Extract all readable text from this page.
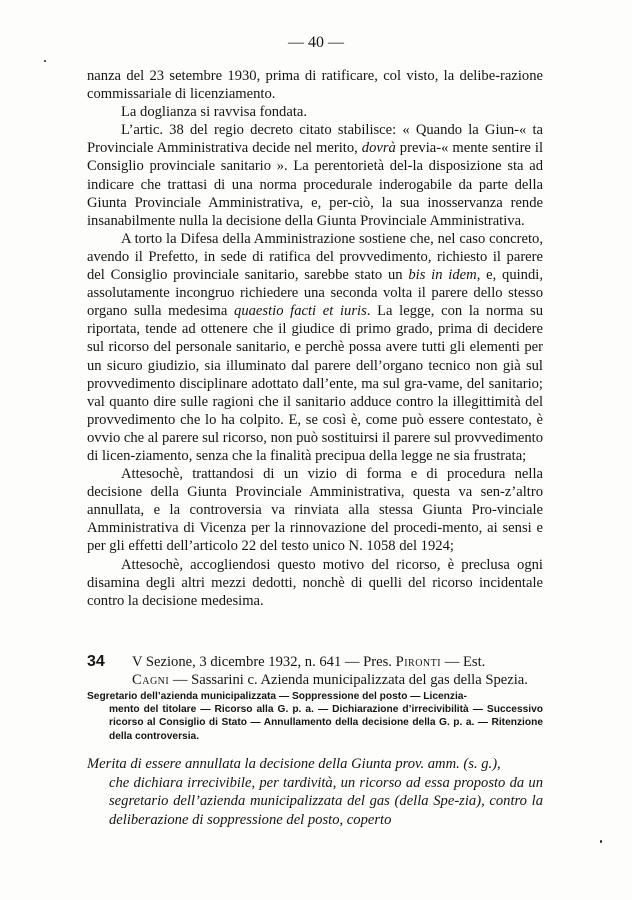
— 40 —

nanza del 23 setembre 1930, prima di ratificare, col visto, la delibe-razione commissariale di licenziamento.

La doglianza si ravvisa fondata.

L’artic. 38 del regio decreto citato stabilisce: « Quando la Giun-« ta Provinciale Amministrativa decide nel merito, dovrà previa-« mente sentire il Consiglio provinciale sanitario ». La perentorietà del-la disposizione sta ad indicare che trattasi di una norma procedurale inderogabile da parte della Giunta Provinciale Amministrativa, e, per-ciò, la sua inosservanza rende insanabilmente nulla la decisione della Giunta Provinciale Amministrativa.

A torto la Difesa della Amministrazione sostiene che, nel caso concreto, avendo il Prefetto, in sede di ratifica del provvedimento, richiesto il parere del Consiglio provinciale sanitario, sarebbe stato un bis in idem, e, quindi, assolutamente incongruo richiedere una seconda volta il parere dello stesso organo sulla medesima quaestio facti et iuris. La legge, con la norma su riportata, tende ad ottenere che il giudice di primo grado, prima di decidere sul ricorso del personale sanitario, e perchè possa avere tutti gli elementi per un sicuro giudizio, sia illuminato dal parere dell’organo tecnico non già sul provvedimento disciplinare adottato dall’ente, ma sul gra-vame, del sanitario; val quanto dire sulle ragioni che il sanitario adduce contro la illegittimità del provvedimento che lo ha colpito. E, se così è, come può essere contestato, è ovvio che al parere sul ricorso, non può sostituirsi il parere sul provvedimento di licen-ziamento, senza che la finalità precipua della legge ne sia frustrata;

Attesochè, trattandosi di un vizio di forma e di procedura nella decisione della Giunta Provinciale Amministrativa, questa va sen-z’altro annullata, e la controversia va rinviata alla stessa Giunta Pro-vinciale Amministrativa di Vicenza per la rinnovazione del procedi-mento, ai sensi e per gli effetti dell’articolo 22 del testo unico N. 1058 del 1924;

Attesochè, accogliendosi questo motivo del ricorso, è preclusa ogni disamina degli altri mezzi dedotti, nonchè di quelli del ricorso incidentale contro la decisione medesima.

34 V Sezione, 3 dicembre 1932, n. 641 — Pres. Pironti — Est.
Cagni — Sassarini c. Azienda municipalizzata del gas della Spezia.
Segretario dell’azienda municipalizzata — Soppressione del posto — Licenzia-
mento del titolare — Ricorso alla G. p. a. — Dichiarazione d’irrecivibilità — Successivo ricorso al Consiglio di Stato — Annullamento della decisione della G. p. a. — Ritenzione della controversia.
Merita di essere annullata la decisione della Giunta prov. amm. (s. g.),
che dichiara irrecivibile, per tardività, un ricorso ad essa proposto da un segretario dell’azienda municipalizzata del gas (della Spe-zia), contro la deliberazione di soppressione del posto, coperto
